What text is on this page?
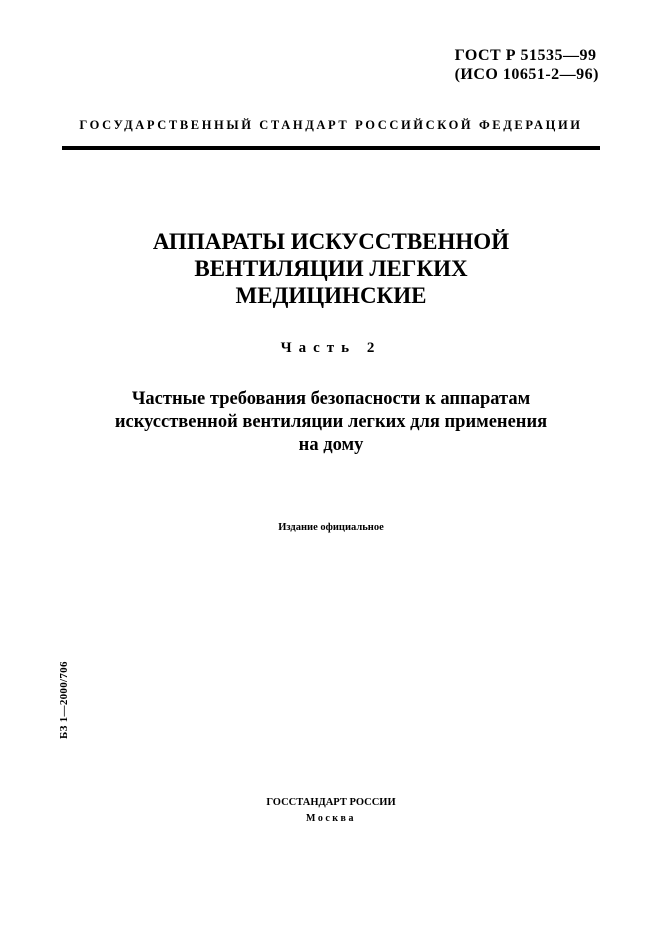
ГОСТ Р 51535—99
(ИСО 10651-2—96)
ГОСУДАРСТВЕННЫЙ СТАНДАРТ РОССИЙСКОЙ ФЕДЕРАЦИИ
АППАРАТЫ ИСКУССТВЕННОЙ
ВЕНТИЛЯЦИИ ЛЕГКИХ
МЕДИЦИНСКИЕ
Часть 2
Частные требования безопасности к аппаратам
искусственной вентиляции легких для применения
на дому
Издание официальное
БЗ 1—2000/706
ГОССТАНДАРТ РОССИИ
Москва
